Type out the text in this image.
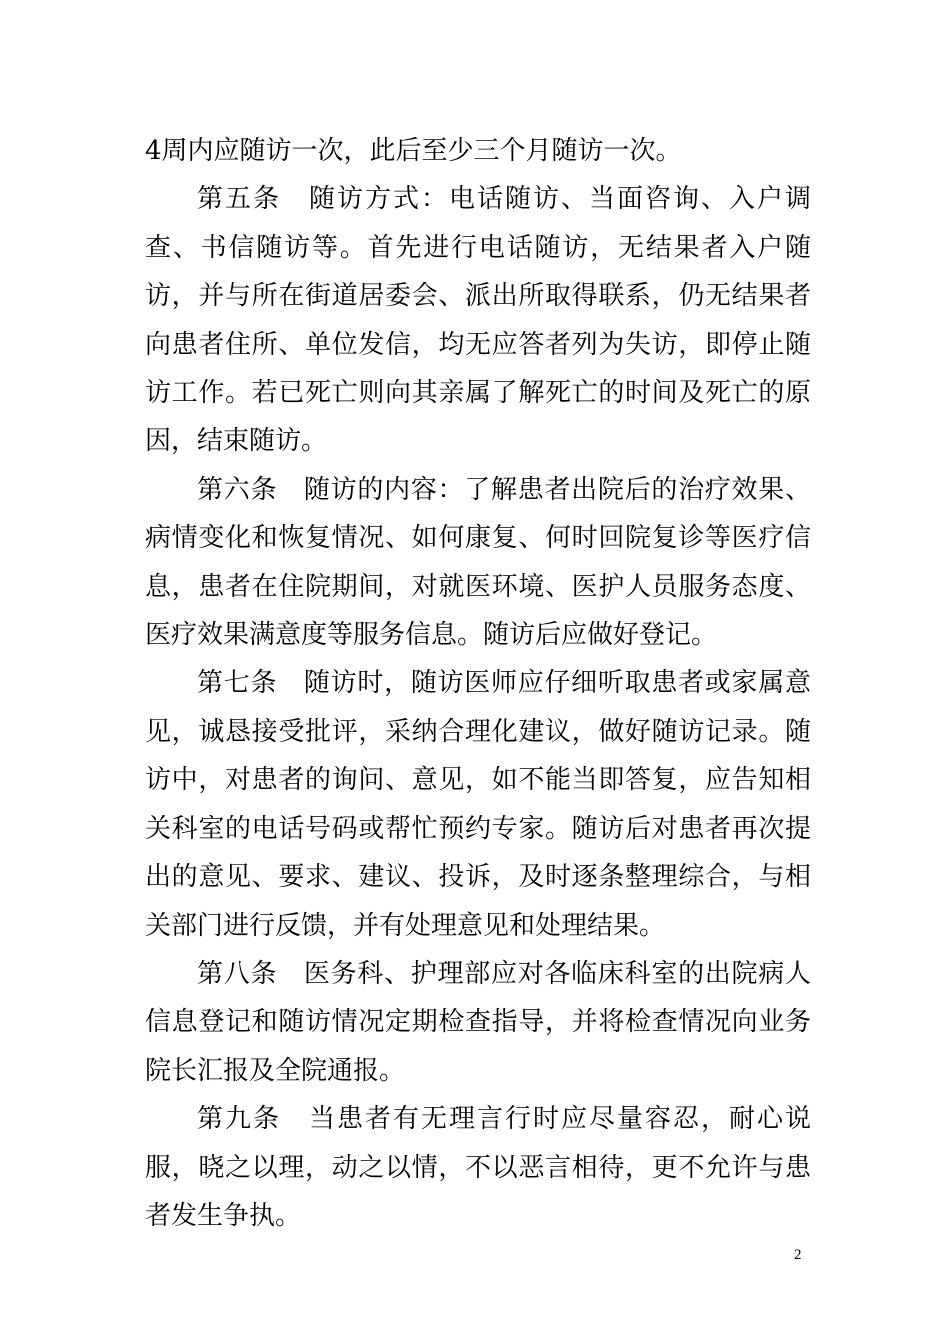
4周内应随访一次，此后至少三个月随访一次。

第五条　随访方式：电话随访、当面咨询、入户调查、书信随访等。首先进行电话随访，无结果者入户随访，并与所在街道居委会、派出所取得联系，仍无结果者向患者住所、单位发信，均无应答者列为失访，即停止随访工作。若已死亡则向其亲属了解死亡的时间及死亡的原因，结束随访。

第六条　随访的内容：了解患者出院后的治疗效果、病情变化和恢复情况、如何康复、何时回院复诊等医疗信息，患者在住院期间，对就医环境、医护人员服务态度、医疗效果满意度等服务信息。随访后应做好登记。

第七条　随访时，随访医师应仔细听取患者或家属意见，诚恳接受批评，采纳合理化建议，做好随访记录。随访中，对患者的询问、意见，如不能当即答复，应告知相关科室的电话号码或帮忙预约专家。随访后对患者再次提出的意见、要求、建议、投诉，及时逐条整理综合，与相关部门进行反馈，并有处理意见和处理结果。

第八条　医务科、护理部应对各临床科室的出院病人信息登记和随访情况定期检查指导，并将检查情况向业务院长汇报及全院通报。

第九条　当患者有无理言行时应尽量容忍，耐心说服，晓之以理，动之以情，不以恶言相待，更不允许与患者发生争执。

2
